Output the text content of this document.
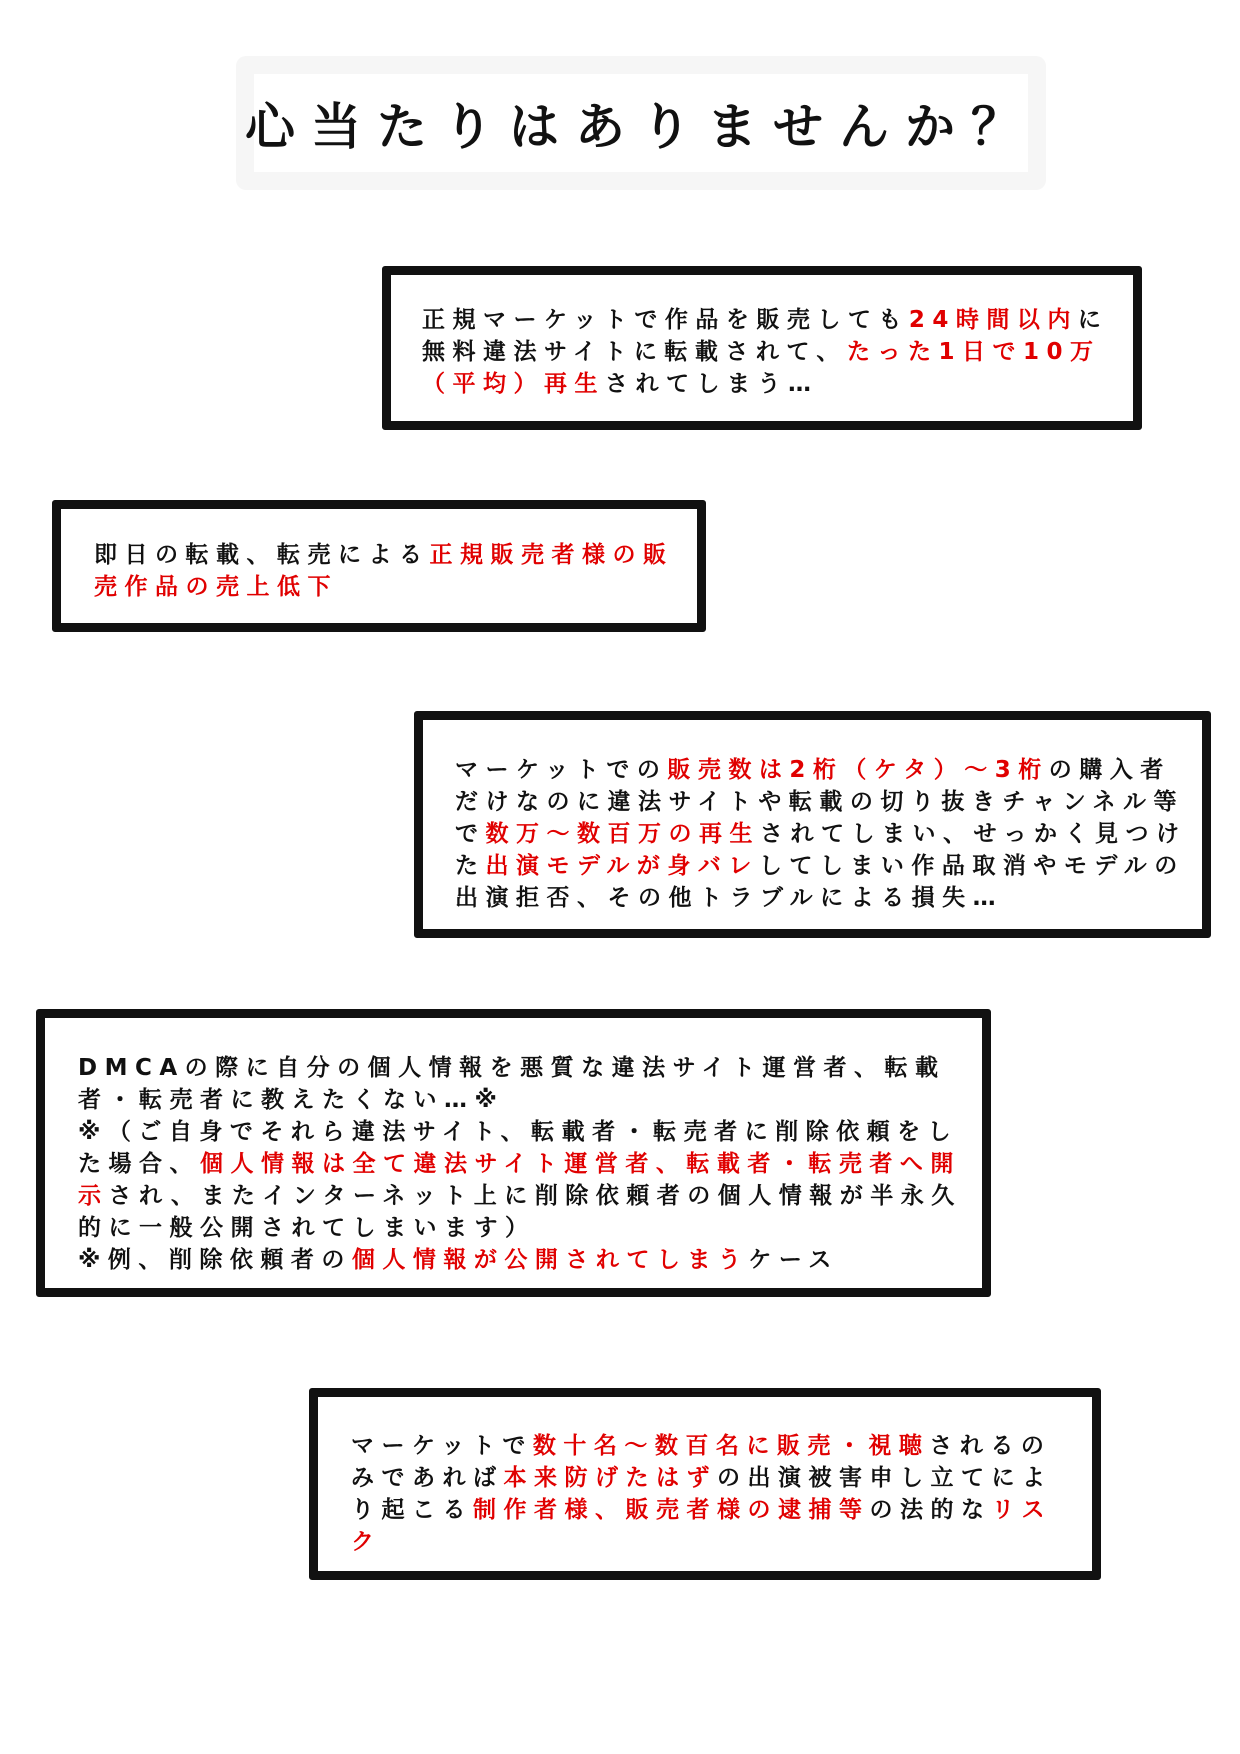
心当たりはありませんか？
正規マーケットで作品を販売しても24時間以内に無料違法サイトに転載されて、たった1日で10万（平均）再生されてしまう…
即日の転載、転売による正規販売者様の販売作品の売上低下
マーケットでの販売数は2桁（ケタ）～3桁の購入者だけなのに違法サイトや転載の切り抜きチャンネル等で数万～数百万の再生されてしまい、せっかく見つけた出演モデルが身バレしてしまい作品取消やモデルの出演拒否、その他トラブルによる損失…
DMCAの際に自分の個人情報を悪質な違法サイト運営者、転載者・転売者に教えたくない…※
※（ご自身でそれら違法サイト、転載者・転売者に削除依頼をした場合、個人情報は全て違法サイト運営者、転載者・転売者へ開示され、またインターネット上に削除依頼者の個人情報が半永久的に一般公開されてしまいます）
※例、削除依頼者の個人情報が公開されてしまうケース
マーケットで数十名～数百名に販売・視聴されるのみであれば本来防げたはずの出演被害申し立てにより起こる制作者様、販売者様の逮捕等の法的なリスク
